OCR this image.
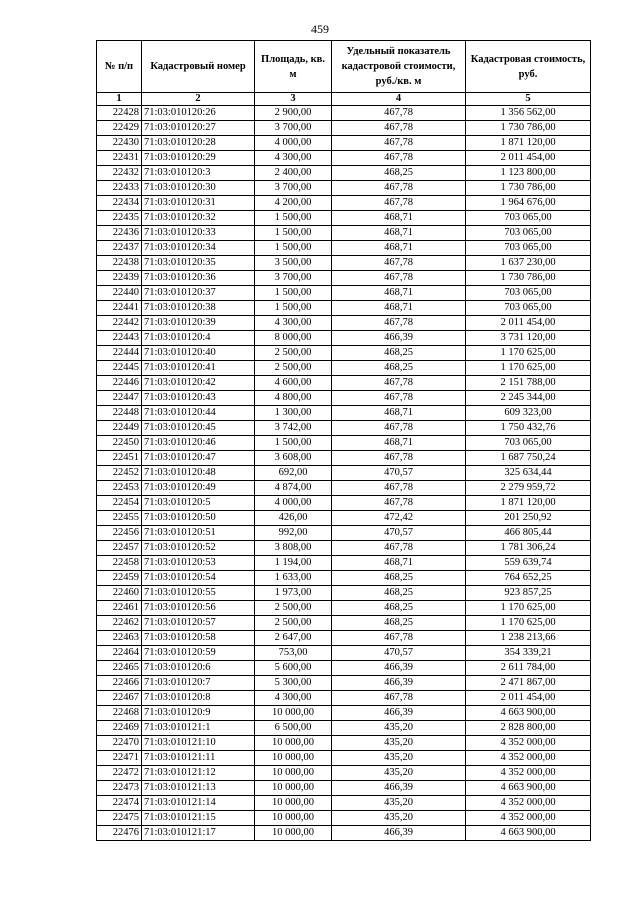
459
№ п/п	Кадастровый номер	Площадь, кв. м	Удельный показатель кадастровой стоимости, руб./кв. м	Кадастровая стоимость, руб.
1	2	3	4	5
22428	71:03:010120:26	2 900,00	467,78	1 356 562,00
22429	71:03:010120:27	3 700,00	467,78	1 730 786,00
22430	71:03:010120:28	4 000,00	467,78	1 871 120,00
22431	71:03:010120:29	4 300,00	467,78	2 011 454,00
22432	71:03:010120:3	2 400,00	468,25	1 123 800,00
22433	71:03:010120:30	3 700,00	467,78	1 730 786,00
22434	71:03:010120:31	4 200,00	467,78	1 964 676,00
22435	71:03:010120:32	1 500,00	468,71	703 065,00
22436	71:03:010120:33	1 500,00	468,71	703 065,00
22437	71:03:010120:34	1 500,00	468,71	703 065,00
22438	71:03:010120:35	3 500,00	467,78	1 637 230,00
22439	71:03:010120:36	3 700,00	467,78	1 730 786,00
22440	71:03:010120:37	1 500,00	468,71	703 065,00
22441	71:03:010120:38	1 500,00	468,71	703 065,00
22442	71:03:010120:39	4 300,00	467,78	2 011 454,00
22443	71:03:010120:4	8 000,00	466,39	3 731 120,00
22444	71:03:010120:40	2 500,00	468,25	1 170 625,00
22445	71:03:010120:41	2 500,00	468,25	1 170 625,00
22446	71:03:010120:42	4 600,00	467,78	2 151 788,00
22447	71:03:010120:43	4 800,00	467,78	2 245 344,00
22448	71:03:010120:44	1 300,00	468,71	609 323,00
22449	71:03:010120:45	3 742,00	467,78	1 750 432,76
22450	71:03:010120:46	1 500,00	468,71	703 065,00
22451	71:03:010120:47	3 608,00	467,78	1 687 750,24
22452	71:03:010120:48	692,00	470,57	325 634,44
22453	71:03:010120:49	4 874,00	467,78	2 279 959,72
22454	71:03:010120:5	4 000,00	467,78	1 871 120,00
22455	71:03:010120:50	426,00	472,42	201 250,92
22456	71:03:010120:51	992,00	470,57	466 805,44
22457	71:03:010120:52	3 808,00	467,78	1 781 306,24
22458	71:03:010120:53	1 194,00	468,71	559 639,74
22459	71:03:010120:54	1 633,00	468,25	764 652,25
22460	71:03:010120:55	1 973,00	468,25	923 857,25
22461	71:03:010120:56	2 500,00	468,25	1 170 625,00
22462	71:03:010120:57	2 500,00	468,25	1 170 625,00
22463	71:03:010120:58	2 647,00	467,78	1 238 213,66
22464	71:03:010120:59	753,00	470,57	354 339,21
22465	71:03:010120:6	5 600,00	466,39	2 611 784,00
22466	71:03:010120:7	5 300,00	466,39	2 471 867,00
22467	71:03:010120:8	4 300,00	467,78	2 011 454,00
22468	71:03:010120:9	10 000,00	466,39	4 663 900,00
22469	71:03:010121:1	6 500,00	435,20	2 828 800,00
22470	71:03:010121:10	10 000,00	435,20	4 352 000,00
22471	71:03:010121:11	10 000,00	435,20	4 352 000,00
22472	71:03:010121:12	10 000,00	435,20	4 352 000,00
22473	71:03:010121:13	10 000,00	466,39	4 663 900,00
22474	71:03:010121:14	10 000,00	435,20	4 352 000,00
22475	71:03:010121:15	10 000,00	435,20	4 352 000,00
22476	71:03:010121:17	10 000,00	466,39	4 663 900,00
